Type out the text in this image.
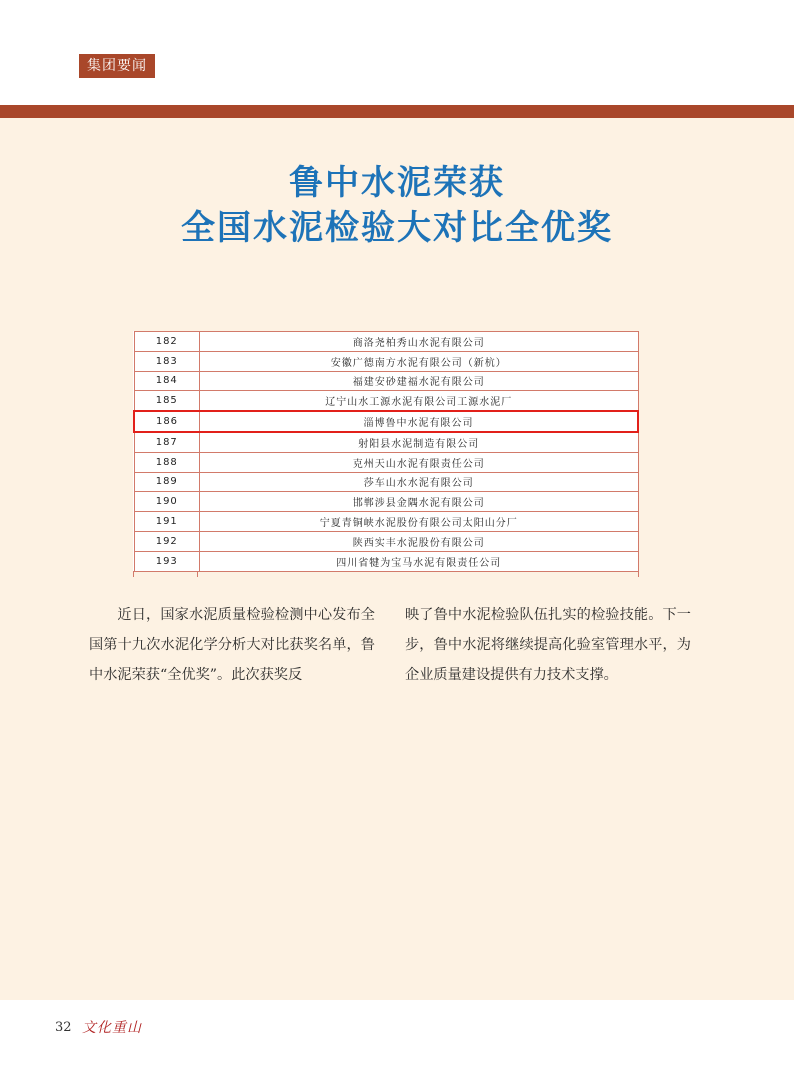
集团要闻
鲁中水泥荣获
全国水泥检验大对比全优奖
182	商洛尧柏秀山水泥有限公司
183	安徽广德南方水泥有限公司（新杭）
184	福建安砂建福水泥有限公司
185	辽宁山水工源水泥有限公司工源水泥厂
186	淄博鲁中水泥有限公司
187	射阳县水泥制造有限公司
188	克州天山水泥有限责任公司
189	莎车山水水泥有限公司
190	邯郸涉县金隅水泥有限公司
191	宁夏青铜峡水泥股份有限公司太阳山分厂
192	陕西实丰水泥股份有限公司
193	四川省犍为宝马水泥有限责任公司

近日，国家水泥质量检验检测中心发布全国第十九次水泥化学分析大对比获奖名单，鲁中水泥荣获“全优奖”。此次获奖反

映了鲁中水泥检验队伍扎实的检验技能。下一步，鲁中水泥将继续提高化验室管理水平，为企业质量建设提供有力技术支撑。

32 文化重山
